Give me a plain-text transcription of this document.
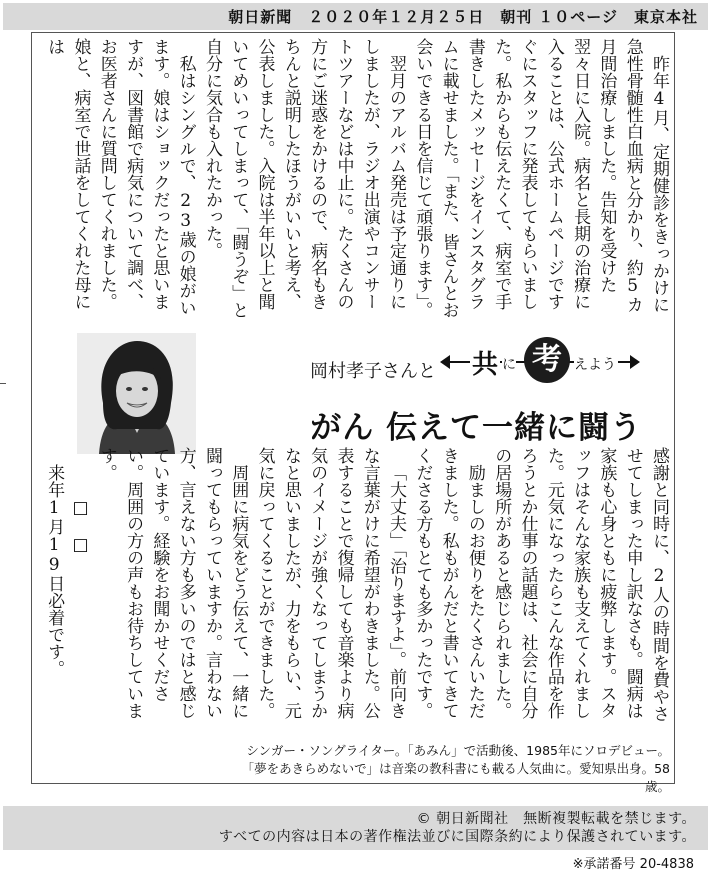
朝日新聞 ２０２０年１２月２５日 朝刊 １０ページ 東京本社

昨年4月、定期健診をきっかけに急性骨髄性白血病と分かり、約5カ月間治療しました。告知を受けた翌々日に入院。病名と長期の治療に入ることは、公式ホームページですぐにスタッフに発表してもらいました。私からも伝えたくて、病室で手書きしたメッセージをインスタグラムに載せました。「また、皆さんとお会いできる日を信じて頑張ります」。

翌月のアルバム発売は予定通りにしましたが、ラジオ出演やコンサートツアーなどは中止に。たくさんの方にご迷惑をかけるので、病名もきちんと説明したほうがいいと考え、公表しました。入院は半年以上と聞いてめいってしまって、「闘うぞ」と自分に気合も入れたかった。

私はシングルで、23歳の娘がいます。娘はショックだったと思いますが、図書館で病気について調べ、お医者さんに質問してくれました。娘と、病室で世話をしてくれた母には

岡村孝子さんと 共 に 考 えよう
がん 伝えて一緒に闘う

感謝と同時に、2人の時間を費やさせてしまった申し訳なさも。闘病は家族も心身ともに疲弊します。スタッフはそんな家族も支えてくれました。元気になったらこんな作品を作ろうとか仕事の話題は、社会に自分の居場所があると感じられました。

励ましのお便りをたくさんいただきました。私もがんだと書いてきてくださる方もとても多かったです。

「大丈夫」「治りますよ」。前向きな言葉がけに希望がわきました。公表することで復帰しても音楽より病気のイメージが強くなってしまうかなと思いましたが、力をもらい、元気に戻ってくることができました。

周囲に病気をどう伝えて、一緒に闘ってもらっていますか。言わない方、言えない方も多いのではと感じています。経験をお聞かせください。周囲の方の声もお待ちしています。

□　□

来年1月19日必着です。

シンガー・ソングライター。「あみん」で活動後、1985年にソロデビュー。
「夢をあきらめないで」は音楽の教科書にも載る人気曲に。愛知県出身。58歳。
© 朝日新聞社　無断複製転載を禁じます。
すべての内容は日本の著作権法並びに国際条約により保護されています。
※承諾番号 20-4838
